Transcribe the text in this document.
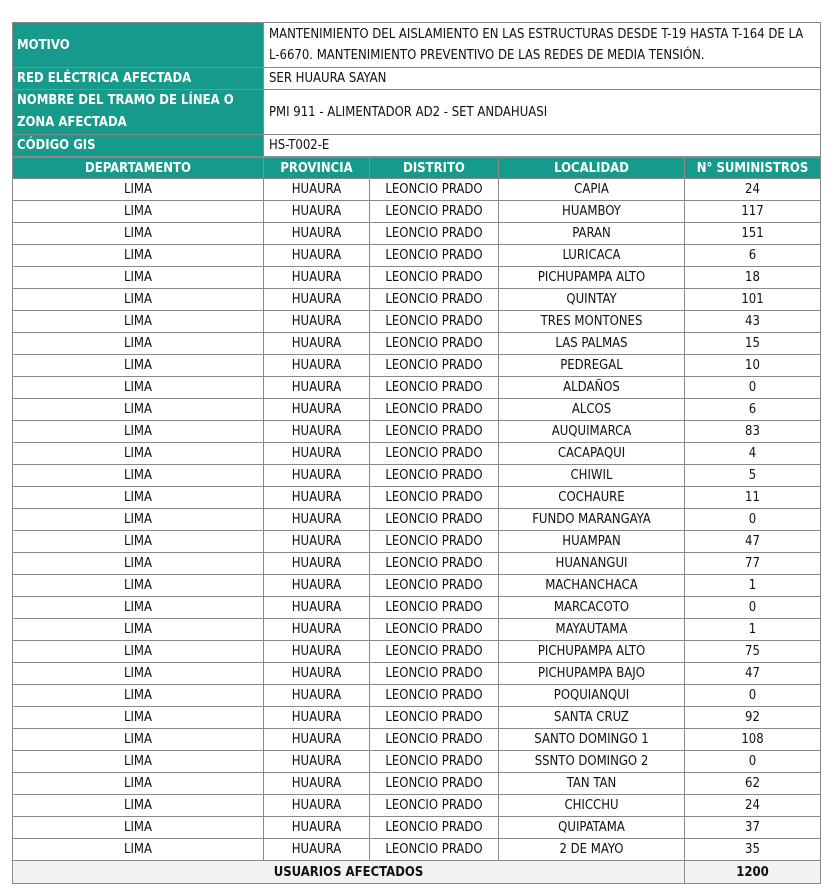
MOTIVO	MANTENIMIENTO DEL AISLAMIENTO EN LAS ESTRUCTURAS DESDE T-19 HASTA T-164 DE LA L-6670. MANTENIMIENTO PREVENTIVO DE LAS REDES DE MEDIA TENSIÓN.
RED ELÉCTRICA AFECTADA	SER HUAURA SAYAN
NOMBRE DEL TRAMO DE LÍNEA O ZONA AFECTADA	PMI 911 - ALIMENTADOR AD2 - SET ANDAHUASI
CÓDIGO GIS	HS-T002-E
DEPARTAMENTO	PROVINCIA	DISTRITO	LOCALIDAD	N° SUMINISTROS
LIMA	HUAURA	LEONCIO PRADO	CAPIA	24
LIMA	HUAURA	LEONCIO PRADO	HUAMBOY	117
LIMA	HUAURA	LEONCIO PRADO	PARAN	151
LIMA	HUAURA	LEONCIO PRADO	LURICACA	6
LIMA	HUAURA	LEONCIO PRADO	PICHUPAMPA ALTO	18
LIMA	HUAURA	LEONCIO PRADO	QUINTAY	101
LIMA	HUAURA	LEONCIO PRADO	TRES MONTONES	43
LIMA	HUAURA	LEONCIO PRADO	LAS PALMAS	15
LIMA	HUAURA	LEONCIO PRADO	PEDREGAL	10
LIMA	HUAURA	LEONCIO PRADO	ALDAÑOS	0
LIMA	HUAURA	LEONCIO PRADO	ALCOS	6
LIMA	HUAURA	LEONCIO PRADO	AUQUIMARCA	83
LIMA	HUAURA	LEONCIO PRADO	CACAPAQUI	4
LIMA	HUAURA	LEONCIO PRADO	CHIWIL	5
LIMA	HUAURA	LEONCIO PRADO	COCHAURE	11
LIMA	HUAURA	LEONCIO PRADO	FUNDO MARANGAYA	0
LIMA	HUAURA	LEONCIO PRADO	HUAMPAN	47
LIMA	HUAURA	LEONCIO PRADO	HUANANGUI	77
LIMA	HUAURA	LEONCIO PRADO	MACHANCHACA	1
LIMA	HUAURA	LEONCIO PRADO	MARCACOTO	0
LIMA	HUAURA	LEONCIO PRADO	MAYAUTAMA	1
LIMA	HUAURA	LEONCIO PRADO	PICHUPAMPA ALTO	75
LIMA	HUAURA	LEONCIO PRADO	PICHUPAMPA BAJO	47
LIMA	HUAURA	LEONCIO PRADO	POQUIANQUI	0
LIMA	HUAURA	LEONCIO PRADO	SANTA CRUZ	92
LIMA	HUAURA	LEONCIO PRADO	SANTO DOMINGO 1	108
LIMA	HUAURA	LEONCIO PRADO	SSNTO DOMINGO 2	0
LIMA	HUAURA	LEONCIO PRADO	TAN TAN	62
LIMA	HUAURA	LEONCIO PRADO	CHICCHU	24
LIMA	HUAURA	LEONCIO PRADO	QUIPATAMA	37
LIMA	HUAURA	LEONCIO PRADO	2 DE MAYO	35
USUARIOS AFECTADOS				1200
